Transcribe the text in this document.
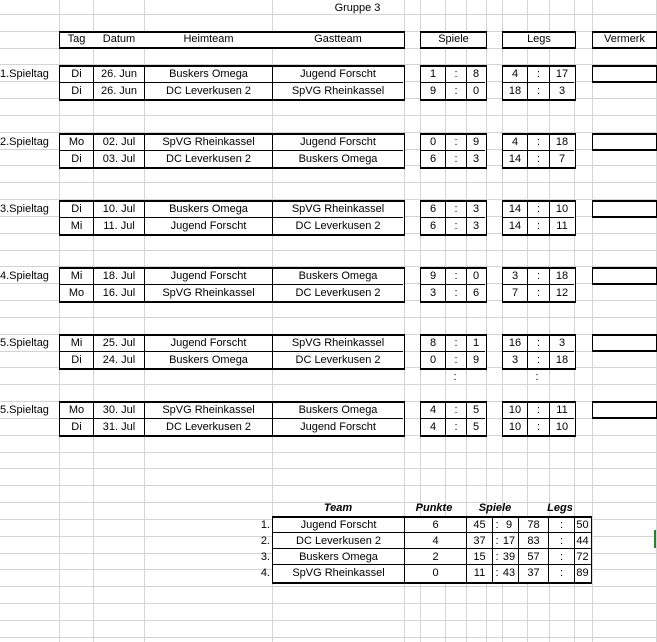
Gruppe 3
Tag	Datum	Heimteam	Gastteam	Spiele	Legs	Vermerk
1.Spieltag	Di	26. Jun	Buskers Omega	Jugend Forscht	1	:	8	4	:	17
Di	26. Jun	DC Leverkusen 2	SpVG Rheinkassel	9	:	0	18	:	3
2.Spieltag	Mo	02. Jul	SpVG Rheinkassel	Jugend Forscht	0	:	9	4	:	18
Di	03. Jul	DC Leverkusen 2	Buskers Omega	6	:	3	14	:	7
3.Spieltag	Di	10. Jul	Buskers Omega	SpVG Rheinkassel	6	:	3	14	:	10
Mi	11. Jul	Jugend Forscht	DC Leverkusen 2	6	:	3	14	:	11
4.Spieltag	Mi	18. Jul	Jugend Forscht	Buskers Omega	9	:	0	3	:	18
Mo	16. Jul	SpVG Rheinkassel	DC Leverkusen 2	3	:	6	7	:	12
5.Spieltag	Mi	25. Jul	Jugend Forscht	SpVG Rheinkassel	8	:	1	16	:	3
Di	24. Jul	Buskers Omega	DC Leverkusen 2	0	:	9	3	:	18
5.Spieltag	Mo	30. Jul	SpVG Rheinkassel	Buskers Omega	4	:	5	10	:	11
Di	31. Jul	DC Leverkusen 2	Jugend Forscht	4	:	5	10	:	10
:	:
Team	Punkte	Spiele	Legs
1.	Jugend Forscht	6	45 : 9	78	:	50
2.	DC Leverkusen 2	4	37 : 17	83	:	44
3.	Buskers Omega	2	15 : 39	57	:	72
4.	SpVG Rheinkassel	0	11 : 43	37	:	89
